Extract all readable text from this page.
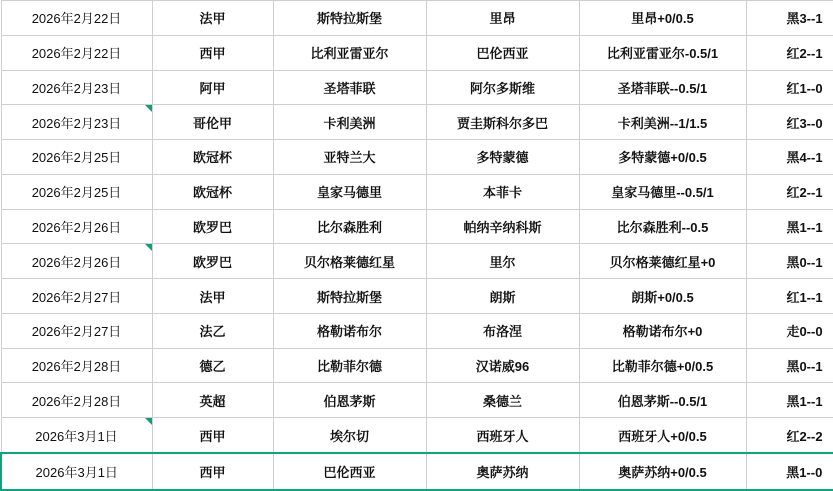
2026年2月22日	法甲	斯特拉斯堡	里昂	里昂+0/0.5	黑3--1
2026年2月22日	西甲	比利亚雷亚尔	巴伦西亚	比利亚雷亚尔-0.5/1	红2--1
2026年2月23日	阿甲	圣塔菲联	阿尔多斯维	圣塔菲联--0.5/1	红1--0
2026年2月23日	哥伦甲	卡利美洲	贾圭斯科尔多巴	卡利美洲--1/1.5	红3--0
2026年2月25日	欧冠杯	亚特兰大	多特蒙德	多特蒙德+0/0.5	黑4--1
2026年2月25日	欧冠杯	皇家马德里	本菲卡	皇家马德里--0.5/1	红2--1
2026年2月26日	欧罗巴	比尔森胜利	帕纳辛纳科斯	比尔森胜利--0.5	黑1--1
2026年2月26日	欧罗巴	贝尔格莱德红星	里尔	贝尔格莱德红星+0	黑0--1
2026年2月27日	法甲	斯特拉斯堡	朗斯	朗斯+0/0.5	红1--1
2026年2月27日	法乙	格勒诺布尔	布洛涅	格勒诺布尔+0	走0--0
2026年2月28日	德乙	比勒菲尔德	汉诺威96	比勒菲尔德+0/0.5	黑0--1
2026年2月28日	英超	伯恩茅斯	桑德兰	伯恩茅斯--0.5/1	黑1--1
2026年3月1日	西甲	埃尔切	西班牙人	西班牙人+0/0.5	红2--2
2026年3月1日	西甲	巴伦西亚	奥萨苏纳	奥萨苏纳+0/0.5	黑1--0
